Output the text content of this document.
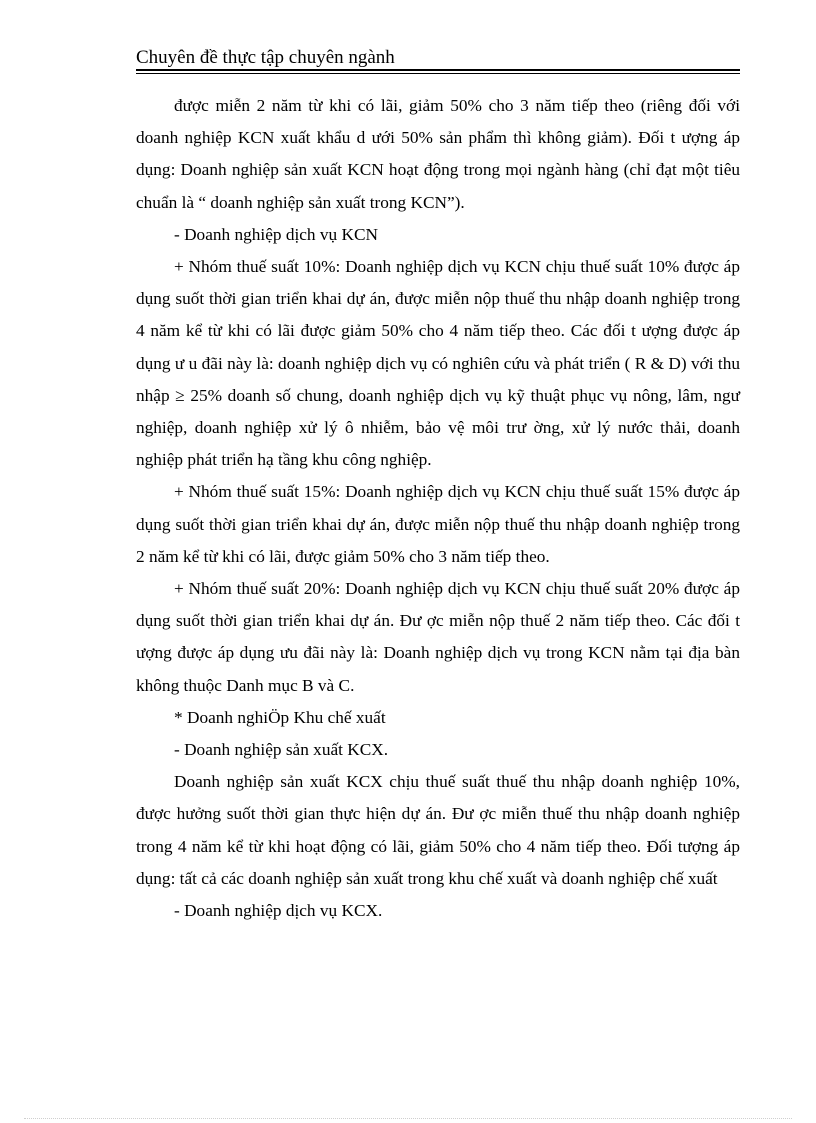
Chuyên đề thực tập chuyên ngành

được miễn 2 năm từ khi có lãi, giảm 50% cho 3 năm tiếp theo (riêng đối với doanh nghiệp KCN xuất khẩu d ưới 50% sản phẩm thì không giảm). Đối t ượng áp dụng: Doanh nghiệp sản xuất KCN hoạt động trong mọi ngành hàng (chỉ đạt một tiêu chuẩn là “ doanh nghiệp sản xuất trong KCN”).

- Doanh nghiệp dịch vụ KCN

+ Nhóm thuế suất 10%: Doanh nghiệp dịch vụ KCN chịu thuế suất 10% được áp dụng suốt thời gian triển khai dự án, được miễn nộp thuế thu nhập doanh nghiệp trong 4 năm kể từ khi có lãi được giảm 50% cho 4 năm tiếp theo. Các đối t ượng được áp dụng ư u đãi này là: doanh nghiệp dịch vụ có nghiên cứu và phát triển ( R & D) với thu nhập ≥ 25% doanh số chung, doanh nghiệp dịch vụ kỹ thuật phục vụ nông, lâm, ngư nghiệp, doanh nghiệp xử lý ô nhiễm, bảo vệ môi trư ờng, xử lý nước thải, doanh nghiệp phát triển hạ tầng khu công nghiệp.

+ Nhóm thuế suất 15%: Doanh nghiệp dịch vụ KCN chịu thuế suất 15% được áp dụng suốt thời gian triển khai dự án, được miễn nộp thuế thu nhập doanh nghiệp trong 2 năm kể từ khi có lãi, được giảm 50% cho 3 năm tiếp theo.

+ Nhóm thuế suất 20%: Doanh nghiệp dịch vụ KCN chịu thuế suất 20% được áp dụng suốt thời gian triển khai dự án. Đư ợc miễn nộp thuế 2 năm tiếp theo. Các đối t ượng được áp dụng ưu đãi này là: Doanh nghiệp dịch vụ trong KCN nằm tại địa bàn không thuộc Danh mục B và C.

* Doanh nghiÖp Khu chế xuất

- Doanh nghiệp sản xuất KCX.

Doanh nghiệp sản xuất KCX chịu thuế suất thuế thu nhập doanh nghiệp 10%, được hưởng suốt thời gian thực hiện dự án. Đư ợc miễn thuế thu nhập doanh nghiệp trong 4 năm kể từ khi hoạt động có lãi, giảm 50% cho 4 năm tiếp theo. Đối tượng áp dụng: tất cả các doanh nghiệp sản xuất trong khu chế xuất và doanh nghiệp chế xuất

- Doanh nghiệp dịch vụ KCX.
